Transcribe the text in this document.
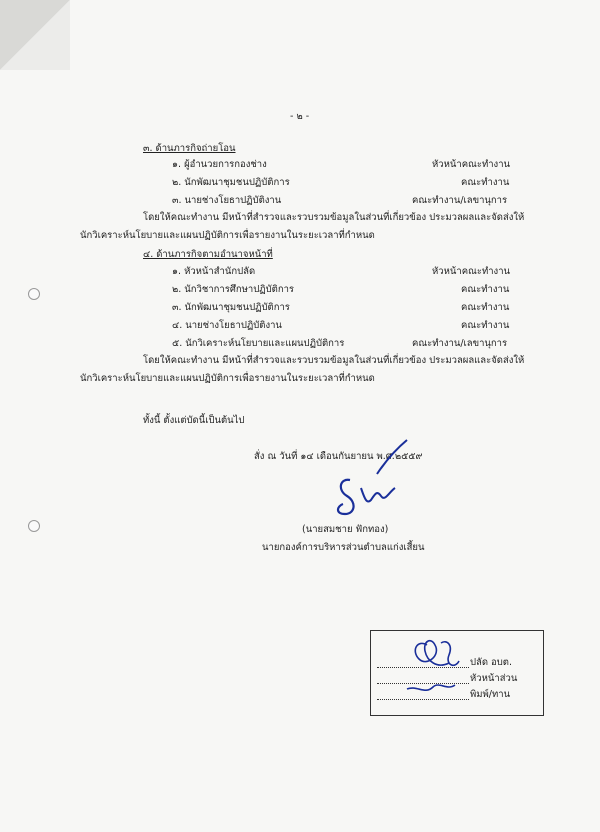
- ๒ -
๓. ด้านภารกิจถ่ายโอน
๑. ผู้อำนวยการกองช่าง	หัวหน้าคณะทำงาน
๒. นักพัฒนาชุมชนปฏิบัติการ	คณะทำงาน
๓. นายช่างโยธาปฏิบัติงาน	คณะทำงาน/เลขานุการ
โดยให้คณะทำงาน มีหน้าที่สำรวจและรวบรวมข้อมูลในส่วนที่เกี่ยวข้อง ประมวลผลและจัดส่งให้
นักวิเคราะห์นโยบายและแผนปฏิบัติการเพื่อรายงานในระยะเวลาที่กำหนด
๔. ด้านภารกิจตามอำนาจหน้าที่
๑. หัวหน้าสำนักปลัด	หัวหน้าคณะทำงาน
๒. นักวิชาการศึกษาปฏิบัติการ	คณะทำงาน
๓. นักพัฒนาชุมชนปฏิบัติการ	คณะทำงาน
๔. นายช่างโยธาปฏิบัติงาน	คณะทำงาน
๕. นักวิเคราะห์นโยบายและแผนปฏิบัติการ	คณะทำงาน/เลขานุการ
โดยให้คณะทำงาน มีหน้าที่สำรวจและรวบรวมข้อมูลในส่วนที่เกี่ยวข้อง ประมวลผลและจัดส่งให้
นักวิเคราะห์นโยบายและแผนปฏิบัติการเพื่อรายงานในระยะเวลาที่กำหนด
ทั้งนี้ ตั้งแต่บัดนี้เป็นต้นไป
สั่ง ณ วันที่ ๑๔ เดือนกันยายน พ.ศ.๒๕๕๙
(นายสมชาย ฟักทอง)
นายกองค์การบริหารส่วนตำบลแก่งเสี้ยน
ปลัด อบต.
หัวหน้าส่วน
พิมพ์/ทาน
